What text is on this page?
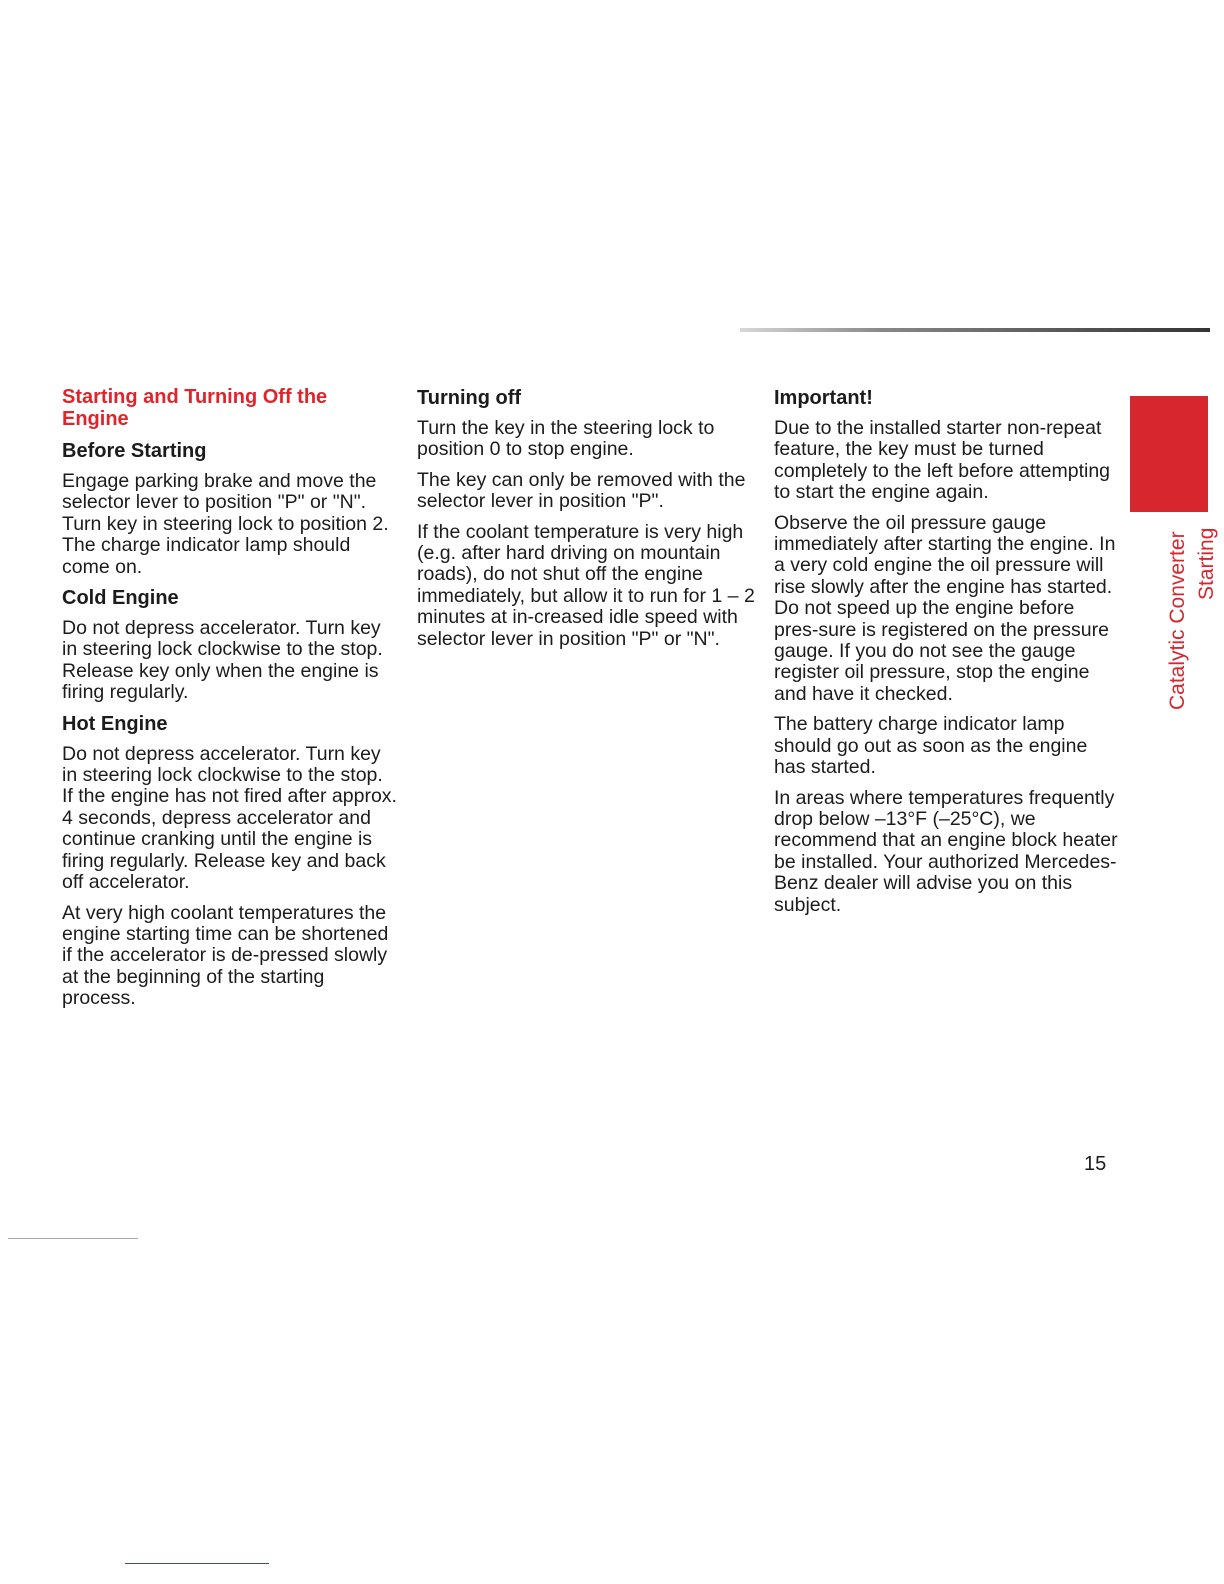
Starting and Turning Off the Engine
Before Starting

Engage parking brake and move the selector lever to position "P" or "N". Turn key in steering lock to position 2. The charge indicator lamp should come on.

Cold Engine

Do not depress accelerator. Turn key in steering lock clockwise to the stop. Release key only when the engine is firing regularly.

Hot Engine

Do not depress accelerator. Turn key in steering lock clockwise to the stop. If the engine has not fired after approx. 4 seconds, depress accelerator and continue cranking until the engine is firing regularly. Release key and back off accelerator.

At very high coolant temperatures the engine starting time can be shortened if the accelerator is de-pressed slowly at the beginning of the starting process.

Turning off

Turn the key in the steering lock to position 0 to stop engine.

The key can only be removed with the selector lever in position "P".

If the coolant temperature is very high (e.g. after hard driving on mountain roads), do not shut off the engine immediately, but allow it to run for 1 – 2 minutes at in-creased idle speed with selector lever in position "P" or "N".

Important!

Due to the installed starter non-repeat feature, the key must be turned completely to the left before attempting to start the engine again.

Observe the oil pressure gauge immediately after starting the engine. In a very cold engine the oil pressure will rise slowly after the engine has started. Do not speed up the engine before pres-sure is registered on the pressure gauge. If you do not see the gauge register oil pressure, stop the engine and have it checked.

The battery charge indicator lamp should go out as soon as the engine has started.

In areas where temperatures frequently drop below –13°F (–25°C), we recommend that an engine block heater be installed. Your authorized Mercedes-Benz dealer will advise you on this subject.

Catalytic Converter Starting
15
